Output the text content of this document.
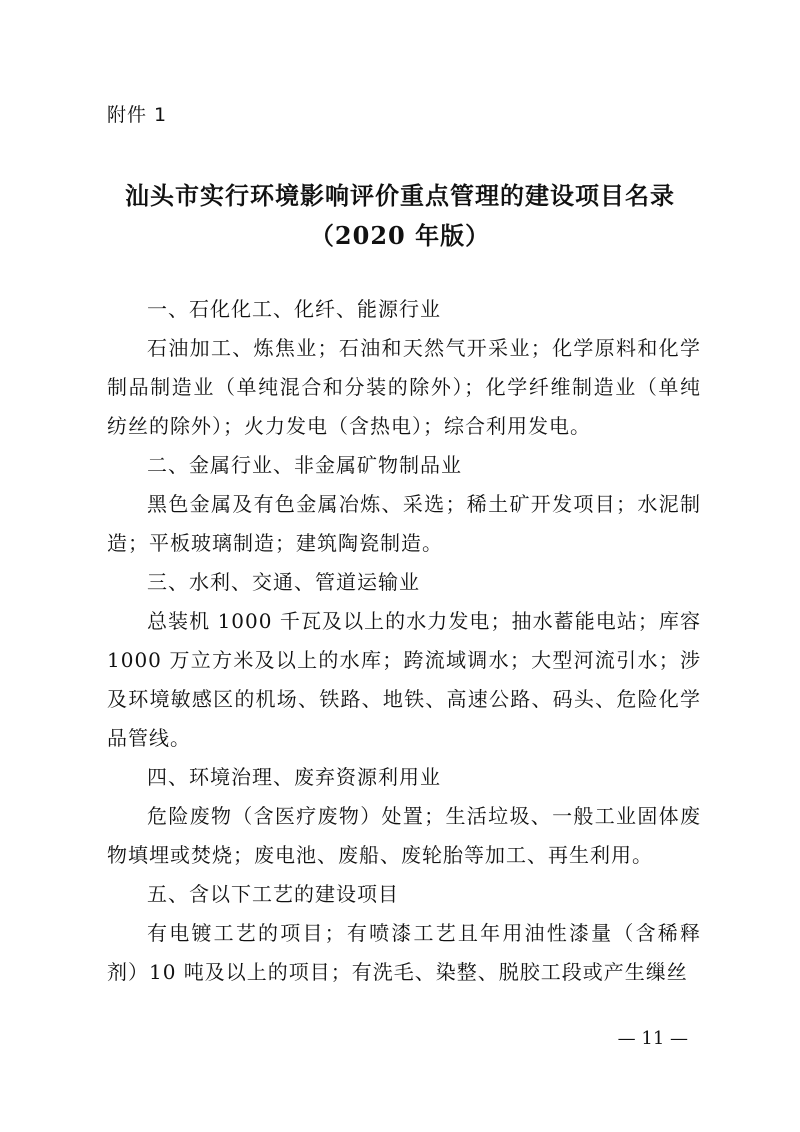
附件 1
汕头市实行环境影响评价重点管理的建设项目名录
（2020 年版）

一、石化化工、化纤、能源行业

石油加工、炼焦业；石油和天然气开采业；化学原料和化学制品制造业（单纯混合和分装的除外）；化学纤维制造业（单纯纺丝的除外）；火力发电（含热电）；综合利用发电。

二、金属行业、非金属矿物制品业

黑色金属及有色金属冶炼、采选；稀土矿开发项目；水泥制造；平板玻璃制造；建筑陶瓷制造。

三、水利、交通、管道运输业

总装机 1000 千瓦及以上的水力发电；抽水蓄能电站；库容 1000 万立方米及以上的水库；跨流域调水；大型河流引水；涉及环境敏感区的机场、铁路、地铁、高速公路、码头、危险化学品管线。

四、环境治理、废弃资源利用业

危险废物（含医疗废物）处置；生活垃圾、一般工业固体废物填埋或焚烧；废电池、废船、废轮胎等加工、再生利用。

五、含以下工艺的建设项目

有电镀工艺的项目；有喷漆工艺且年用油性漆量（含稀释剂）10 吨及以上的项目；有洗毛、染整、脱胶工段或产生缫丝

— 11 —
